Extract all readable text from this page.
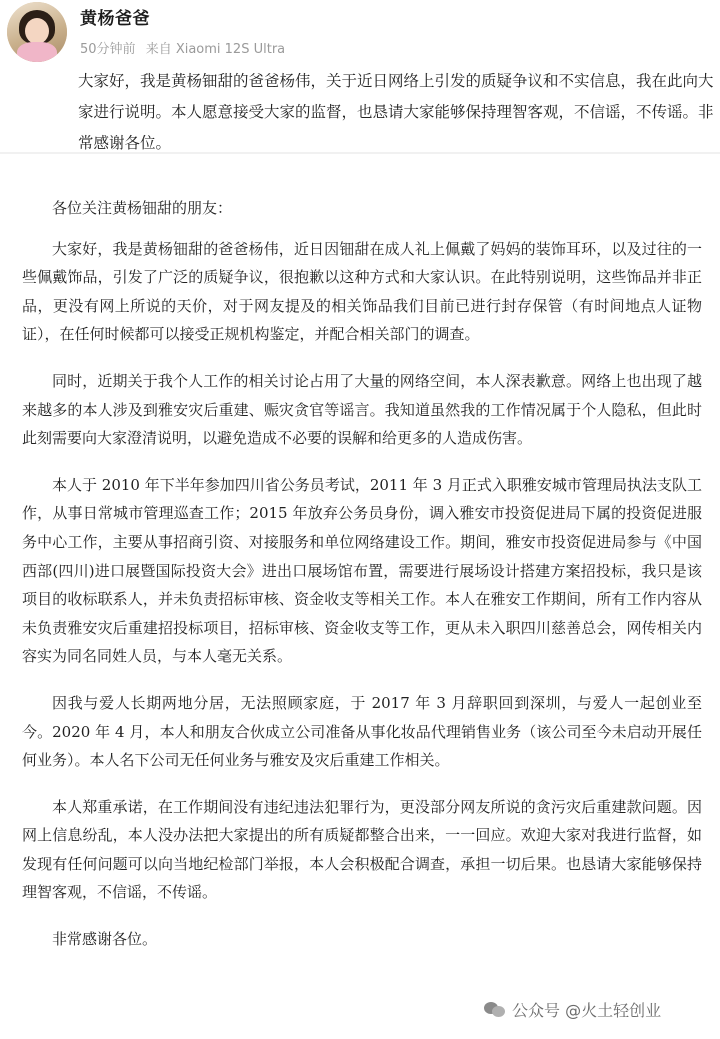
黄杨爸爸
50分钟前 来自 Xiaomi 12S Ultra
大家好，我是黄杨钿甜的爸爸杨伟，关于近日网络上引发的质疑争议和不实信息，我在此向大家进行说明。本人愿意接受大家的监督，也恳请大家能够保持理智客观，不信谣，不传谣。非常感谢各位。

各位关注黄杨钿甜的朋友：

大家好，我是黄杨钿甜的爸爸杨伟，近日因钿甜在成人礼上佩戴了妈妈的装饰耳环，以及过往的一些佩戴饰品，引发了广泛的质疑争议，很抱歉以这种方式和大家认识。在此特别说明，这些饰品并非正品，更没有网上所说的天价，对于网友提及的相关饰品我们目前已进行封存保管（有时间地点人证物证），在任何时候都可以接受正规机构鉴定，并配合相关部门的调查。

同时，近期关于我个人工作的相关讨论占用了大量的网络空间，本人深表歉意。网络上也出现了越来越多的本人涉及到雅安灾后重建、赈灾贪官等谣言。我知道虽然我的工作情况属于个人隐私，但此时此刻需要向大家澄清说明，以避免造成不必要的误解和给更多的人造成伤害。

本人于 2010 年下半年参加四川省公务员考试，2011 年 3 月正式入职雅安城市管理局执法支队工作，从事日常城市管理巡查工作；2015 年放弃公务员身份，调入雅安市投资促进局下属的投资促进服务中心工作，主要从事招商引资、对接服务和单位网络建设工作。期间，雅安市投资促进局参与《中国西部(四川)进口展暨国际投资大会》进出口展场馆布置，需要进行展场设计搭建方案招投标，我只是该项目的收标联系人，并未负责招标审核、资金收支等相关工作。本人在雅安工作期间，所有工作内容从未负责雅安灾后重建招投标项目，招标审核、资金收支等工作，更从未入职四川慈善总会，网传相关内容实为同名同姓人员，与本人毫无关系。

因我与爱人长期两地分居，无法照顾家庭，于 2017 年 3 月辞职回到深圳，与爱人一起创业至今。2020 年 4 月，本人和朋友合伙成立公司准备从事化妆品代理销售业务（该公司至今未启动开展任何业务）。本人名下公司无任何业务与雅安及灾后重建工作相关。

本人郑重承诺，在工作期间没有违纪违法犯罪行为，更没部分网友所说的贪污灾后重建款问题。因网上信息纷乱，本人没办法把大家提出的所有质疑都整合出来，一一回应。欢迎大家对我进行监督，如发现有任何问题可以向当地纪检部门举报，本人会积极配合调查，承担一切后果。也恳请大家能够保持理智客观，不信谣，不传谣。

非常感谢各位。

公众号 @火土轻创业
